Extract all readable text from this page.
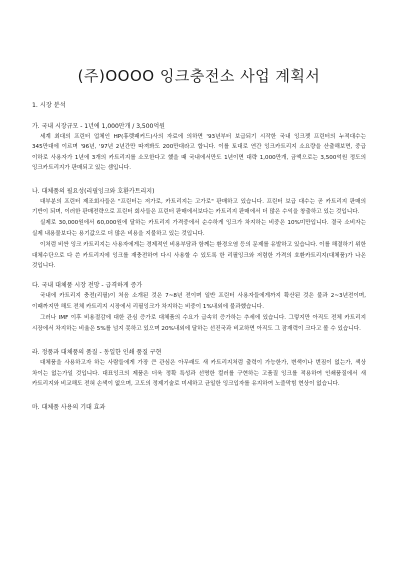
(주)OOOO 잉크충전소 사업 계획서
1. 시장 분석
가. 국내 시장규모 - 1년에 1,000만개 / 3,500억원
세계 최대의 프린터 업체인 HP(휴렛패커드)사의 자료에 의하면 '93년부터 보급되기 시작한 국내 잉크젯 프린터의 누적대수는 345만대에 이르며 '96년, '97년 2년간만 따져봐도 200만대라고 합니다. 이를 토대로 연간 잉크카트리지 소요량을 산출해보면, 중급 이하로 사용자가 1년에 3개의 카트리지를 소모한다고 했을 때 국내에서만도 1년이면 대략 1,000만개, 금액으로는 3,500억원 정도의 잉크카트리지가 판매되고 있는 셈입니다.
나. 대체품의 필요성(리필잉크와 호환카트리지)
대부분의 프린터 제조회사들은 "프린터는 저가로, 카트리지는 고가로" 판매하고 있습니다. 프린터 보급 대수는 곧 카트리지 판매의 기반이 되며, 이러한 판매전략으로 프린터 회사들은 프린터 판매에서보다는 카트리지 판매에서 더 많은 수익을 창출하고 있는 것입니다.
실제로 30,000원에서 60,000원에 달하는 카트리지 가격중에서 순수하게 잉크가 차지하는 비중은 10%미만입니다. 결국 소비자는 실제 내용물보다는 용기값으로 더 많은 비용을 지불하고 있는 것입니다.
이처럼 비싼 잉크 카트리지는 사용자에게는 경제적인 비용부담과 함께는 환경오염 등의 문제를 유발하고 있습니다. 이를 해결하기 위한 대체수단으로 다 쓴 카트리지에 잉크를 재충전하여 다시 사용할 수 있도록 한 리필잉크와 저렴한 가격의 호환카트리지(대체품)가 나온 것입니다.
다. 국내 대체품 시장 전망 - 급격하게 증가
국내에 카트리지 충전(리필)이 처음 소개된 것은 7~8년 전이며 일반 프린터 사용자들에게까지 확산된 것은 불과 2~3년전이며, 이때까지만 해도 전체 카트리지 시장에서 리필잉크가 차지하는 비중이 1%내외에 불과했습니다.
그러나 IMF 이후 비용절감에 대한 관심 증가로 대체품의 수요가 급속히 증가하는 추세에 있습니다. 그렇지만 아직도 전체 카트리지 시장에서 차지하는 비율은 5%를 넘지 못하고 있으며 20%내외에 달하는 선진국과 비교하면 아직도 그 잠재력이 크다고 볼 수 있습니다.
라. 정품과 대체품의 품질 - 동일한 인쇄 품질 구현
대체품을 사용하고자 하는 사람들에게 가장 큰 관심은 아무래도 새 카트리지처럼 출력이 가능한가, 변색이나 번짐이 없는가, 색상 차이는 없는가일 것입니다. 대표잉크의 제품은 더욱 정확 특성과 선명한 컬러를 구현하는 고품질 잉크를 적용하여 인쇄품질에서 새 카트리지와 비교해도 전혀 손색이 없으며, 고도의 정제기술로 미세하고 균일한 잉크입자를 유지하여 노즐막힘 현상이 없습니다.
마. 대체품 사용의 기대 효과
